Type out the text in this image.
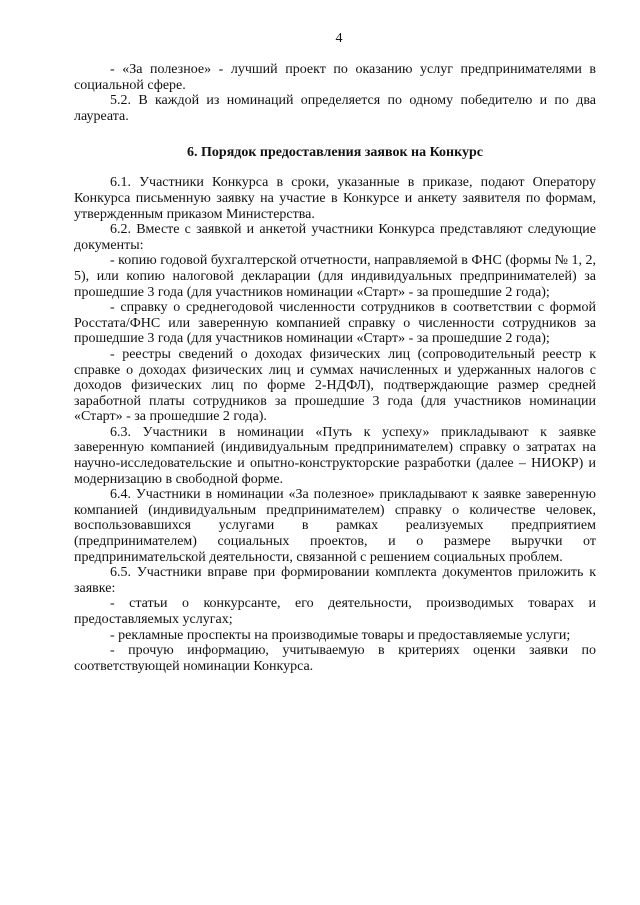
4

- «За полезное» - лучший проект по оказанию услуг предпринимателями в социальной сфере.

5.2. В каждой из номинаций определяется по одному победителю и по два лауреата.

6. Порядок предоставления заявок на Конкурс

6.1. Участники Конкурса в сроки, указанные в приказе, подают Оператору Конкурса письменную заявку на участие в Конкурсе и анкету заявителя по формам, утвержденным приказом Министерства.

6.2. Вместе с заявкой и анкетой участники Конкурса представляют следующие документы:

- копию годовой бухгалтерской отчетности, направляемой в ФНС (формы № 1, 2, 5), или копию налоговой декларации (для индивидуальных предпринимателей) за прошедшие 3 года (для участников номинации «Старт» - за прошедшие 2 года);

- справку о среднегодовой численности сотрудников в соответствии с формой Росстата/ФНС или заверенную компанией справку о численности сотрудников за прошедшие 3 года (для участников номинации «Старт» - за прошедшие 2 года);

- реестры сведений о доходах физических лиц (сопроводительный реестр к справке о доходах физических лиц и суммах начисленных и удержанных налогов с доходов физических лиц по форме 2-НДФЛ), подтверждающие размер средней заработной платы сотрудников за прошедшие 3 года (для участников номинации «Старт» - за прошедшие 2 года).

6.3. Участники в номинации «Путь к успеху» прикладывают к заявке заверенную компанией (индивидуальным предпринимателем) справку о затратах на научно-исследовательские и опытно-конструкторские разработки (далее – НИОКР) и модернизацию в свободной форме.

6.4. Участники в номинации «За полезное» прикладывают к заявке заверенную компанией (индивидуальным предпринимателем) справку о количестве человек, воспользовавшихся услугами в рамках реализуемых предприятием (предпринимателем) социальных проектов, и о размере выручки от предпринимательской деятельности, связанной с решением социальных проблем.

6.5. Участники вправе при формировании комплекта документов приложить к заявке:

- статьи о конкурсанте, его деятельности, производимых товарах и предоставляемых услугах;

- рекламные проспекты на производимые товары и предоставляемые услуги;

- прочую информацию, учитываемую в критериях оценки заявки по соответствующей номинации Конкурса.
